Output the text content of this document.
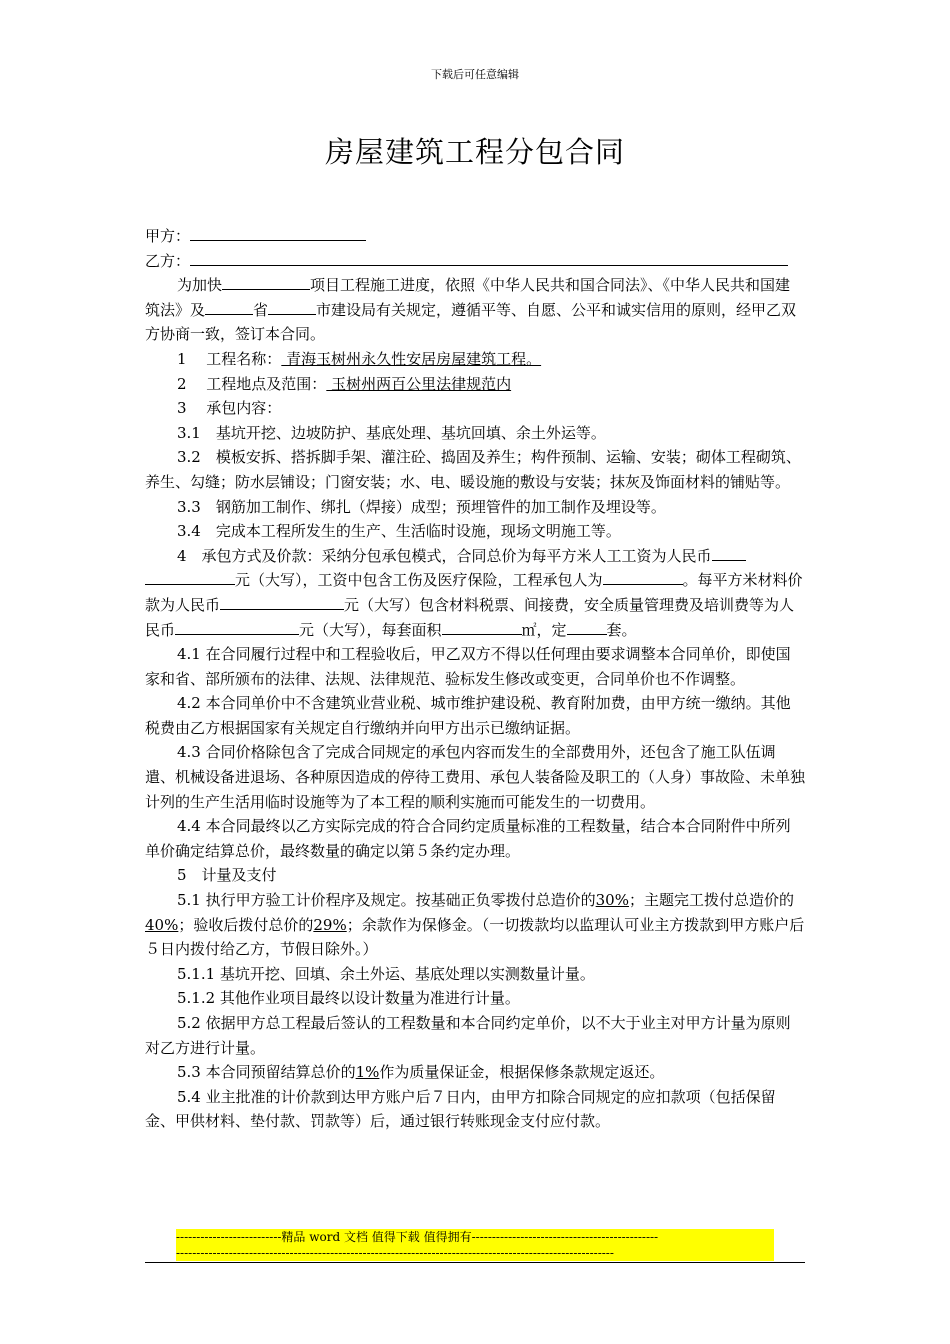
下载后可任意编辑
房屋建筑工程分包合同

甲方：

乙方：

为加快	项目工程施工进度，依照《中华人民共和国合同法》、《中华人民共和国建筑法》及	省	市建设局有关规定，遵循平等、自愿、公平和诚实信用的原则，经甲乙双方协商一致，签订本合同。

1　 工程名称： 青海玉树州永久性安居房屋建筑工程。

2　 工程地点及范围： 玉树州两百公里法律规范内

3　 承包内容：

3.1　基坑开挖、边坡防护、基底处理、基坑回填、余土外运等。

3.2　模板安拆、搭拆脚手架、灌注砼、捣固及养生；构件预制、运输、安装；砌体工程砌筑、养生、勾缝；防水层铺设；门窗安装；水、电、暖设施的敷设与安装；抹灰及饰面材料的铺贴等。

3.3　钢筋加工制作、绑扎（焊接）成型；预埋管件的加工制作及埋设等。

3.4　完成本工程所发生的生产、生活临时设施，现场文明施工等。

4　承包方式及价款：采纳分包承包模式，合同总价为每平方米人工工资为人民币元（大写），工资中包含工伤及医疗保险，工程承包人为	。每平方米材料价款为人民币	元（大写）包含材料税票、间接费，安全质量管理费及培训费等为人民币	元（大写），每套面积	㎡，定	套。

4.1 在合同履行过程中和工程验收后，甲乙双方不得以任何理由要求调整本合同单价，即使国家和省、部所颁布的法律、法规、法律规范、验标发生修改或变更，合同单价也不作调整。

4.2 本合同单价中不含建筑业营业税、城市维护建设税、教育附加费，由甲方统一缴纳。其他税费由乙方根据国家有关规定自行缴纳并向甲方出示已缴纳证据。

4.3 合同价格除包含了完成合同规定的承包内容而发生的全部费用外，还包含了施工队伍调遣、机械设备进退场、各种原因造成的停待工费用、承包人装备险及职工的（人身）事故险、未单独计列的生产生活用临时设施等为了本工程的顺利实施而可能发生的一切费用。

4.4 本合同最终以乙方实际完成的符合合同约定质量标准的工程数量，结合本合同附件中所列单价确定结算总价，最终数量的确定以第５条约定办理。

5　计量及支付

5.1 执行甲方验工计价程序及规定。按基础正负零拨付总造价的30%；主题完工拨付总造价的40%；验收后拨付总价的29%；余款作为保修金。（一切拨款均以监理认可业主方拨款到甲方账户后５日内拨付给乙方，节假日除外。）

5.1.1 基坑开挖、回填、余土外运、基底处理以实测数量计量。

5.1.2 其他作业项目最终以设计数量为准进行计量。

5.2 依据甲方总工程最后签认的工程数量和本合同约定单价，以不大于业主对甲方计量为原则对乙方进行计量。

5.3 本合同预留结算总价的1%作为质量保证金，根据保修条款规定返还。

5.4 业主批准的计价款到达甲方账户后７日内，由甲方扣除合同规定的应扣款项（包括保留金、甲供材料、垫付款、罚款等）后，通过银行转账现金支付应付款。

--------------------------精品 word 文档 值得下载 值得拥有----------------------------------------------
------------------------------------------------------------------------------------------------------------
